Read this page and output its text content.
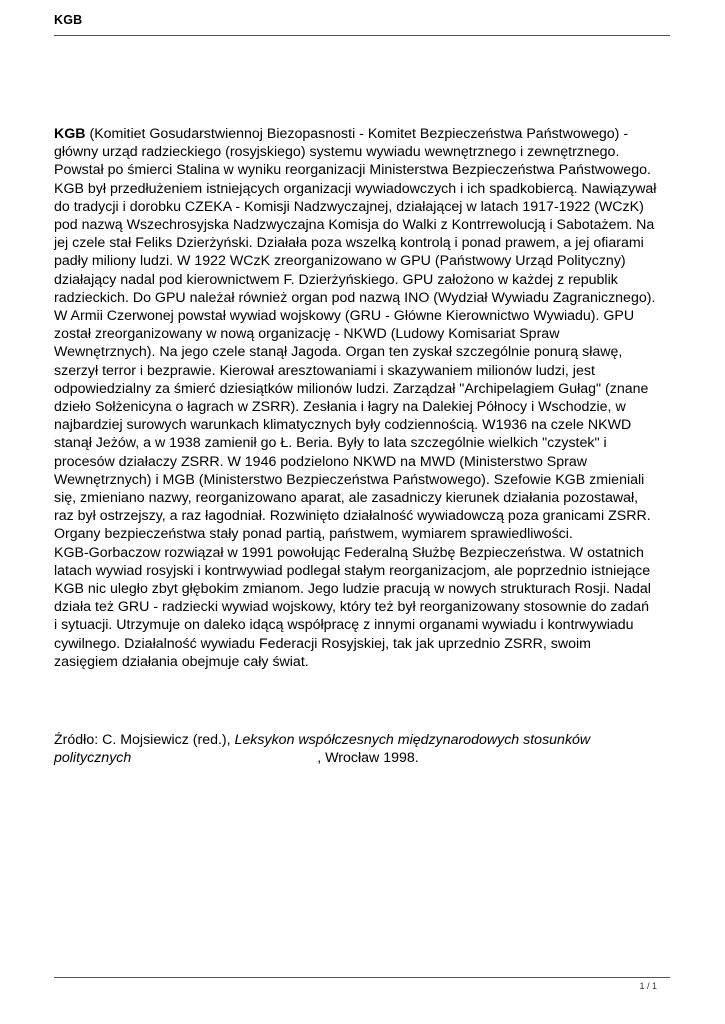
KGB
KGB (Komitiet Gosudarstwiennoj Biezopasnosti - Komitet Bezpieczeństwa Państwowego) -
główny urząd radzieckiego (rosyjskiego) systemu wywiadu wewnętrznego i zewnętrznego.
Powstał po śmierci Stalina w wyniku reorganizacji Ministerstwa Bezpieczeństwa Państwowego.
KGB był przedłużeniem istniejących organizacji wywiadowczych i ich spadkobiercą. Nawiązywał
do tradycji i dorobku CZEKA - Komisji Nadzwyczajnej, działającej w latach 1917-1922 (WCzK)
pod nazwą Wszechrosyjska Nadzwyczajna Komisja do Walki z Kontrrewolucją i Sabotażem. Na
jej czele stał Feliks Dzierżyński. Działała poza wszelką kontrolą i ponad prawem, a jej ofiarami
padły miliony ludzi. W 1922 WCzK zreorganizowano w GPU (Państwowy Urząd Polityczny)
działający nadal pod kierownictwem F. Dzierżyńskiego. GPU założono w każdej z republik
radzieckich. Do GPU należał również organ pod nazwą INO (Wydział Wywiadu Zagranicznego).
W Armii Czerwonej powstał wywiad wojskowy (GRU - Główne Kierownictwo Wywiadu). GPU
został zreorganizowany w nową organizację - NKWD (Ludowy Komisariat Spraw
Wewnętrznych). Na jego czele stanął Jagoda. Organ ten zyskał szczególnie ponurą sławę,
szerzył terror i bezprawie. Kierował aresztowaniami i skazywaniem milionów ludzi, jest
odpowiedzialny za śmierć dziesiątków milionów ludzi. Zarządzał "Archipelagiem Gułag" (znane
dzieło Sołżenicyna o łagrach w ZSRR). Zesłania i łagry na Dalekiej Północy i Wschodzie, w
najbardziej surowych warunkach klimatycznych były codziennością. W1936 na czele NKWD
stanął Jeżów, a w 1938 zamienił go Ł. Beria. Były to lata szczególnie wielkich "czystek" i
procesów działaczy ZSRR. W 1946 podzielono NKWD na MWD (Ministerstwo Spraw
Wewnętrznych) i MGB (Ministerstwo Bezpieczeństwa Państwowego). Szefowie KGB zmieniali
się, zmieniano nazwy, reorganizowano aparat, ale zasadniczy kierunek działania pozostawał,
raz był ostrzejszy, a raz łagodniał. Rozwinięto działalność wywiadowczą poza granicami ZSRR.
Organy bezpieczeństwa stały ponad partią, państwem, wymiarem sprawiedliwości.
KGB-Gorbaczow rozwiązał w 1991 powołując Federalną Służbę Bezpieczeństwa. W ostatnich
latach wywiad rosyjski i kontrwywiad podlegał stałym reorganizacjom, ale poprzednio istniejące
KGB nic uległo zbyt głębokim zmianom. Jego ludzie pracują w nowych strukturach Rosji. Nadal
działa też GRU - radziecki wywiad wojskowy, który też był reorganizowany stosownie do zadań
i sytuacji. Utrzymuje on daleko idącą współpracę z innymi organami wywiadu i kontrwywiadu
cywilnego. Działalność wywiadu Federacji Rosyjskiej, tak jak uprzednio ZSRR, swoim
zasięgiem działania obejmuje cały świat.
Źródło: C. Mojsiewicz (red.), Leksykon współczesnych międzynarodowych stosunków
politycznych	, Wrocław 1998.
1 / 1
